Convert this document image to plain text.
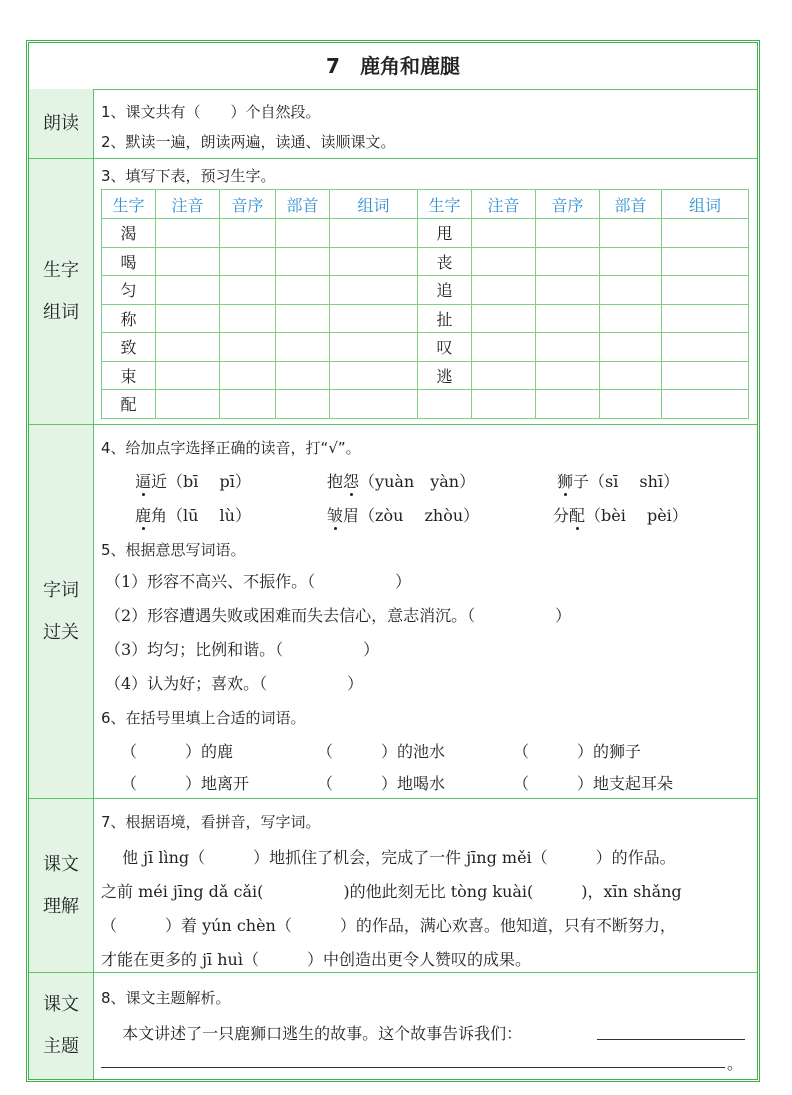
7　鹿角和鹿腿
朗读
1、课文共有（　　）个自然段。
2、默读一遍，朗读两遍，读通、读顺课文。
生字
组词
3、填写下表，预习生字。
生字	注音	音序	部首	组词	生字	注音	音序	部首	组词
渴					甩				
喝					丧				
匀					追				
称					扯				
致					叹				
束					逃				
配									
字词
过关
4、给加点字选择正确的读音，打“√”。
逼近（bī　 pī）	抱怨（yuàn　yàn）	狮子（sī　 shī）
鹿角（lū　 lù）	皱眉（zòu　 zhòu）	分配（bèi　 pèi）
5、根据意思写词语。
（1）形容不高兴、不振作。（　　　　　）
（2）形容遭遇失败或困难而失去信心，意志消沉。（　　　　　）
（3）均匀；比例和谐。（　　　　　）
（4）认为好；喜欢。（　　　　　）
6、在括号里填上合适的词语。
（　　　）的鹿	（　　　）的池水	（　　　）的狮子
（　　　）地离开	（　　　）地喝水	（　　　）地支起耳朵
课文
理解
7、根据语境，看拼音，写字词。
　 他 jī lìng（　　　）地抓住了机会，完成了一件 jīng měi（　　　）的作品。
之前 méi jīng dǎ cǎi(　　　　　)的他此刻无比 tòng kuài(　　　)，xīn shǎng
（　　　）着 yún chèn（　　　）的作品，满心欢喜。他知道，只有不断努力，
才能在更多的 jī huì（　　　）中创造出更令人赞叹的成果。
课文
主题
8、课文主题解析。
　 本文讲述了一只鹿狮口逃生的故事。这个故事告诉我们：
。
